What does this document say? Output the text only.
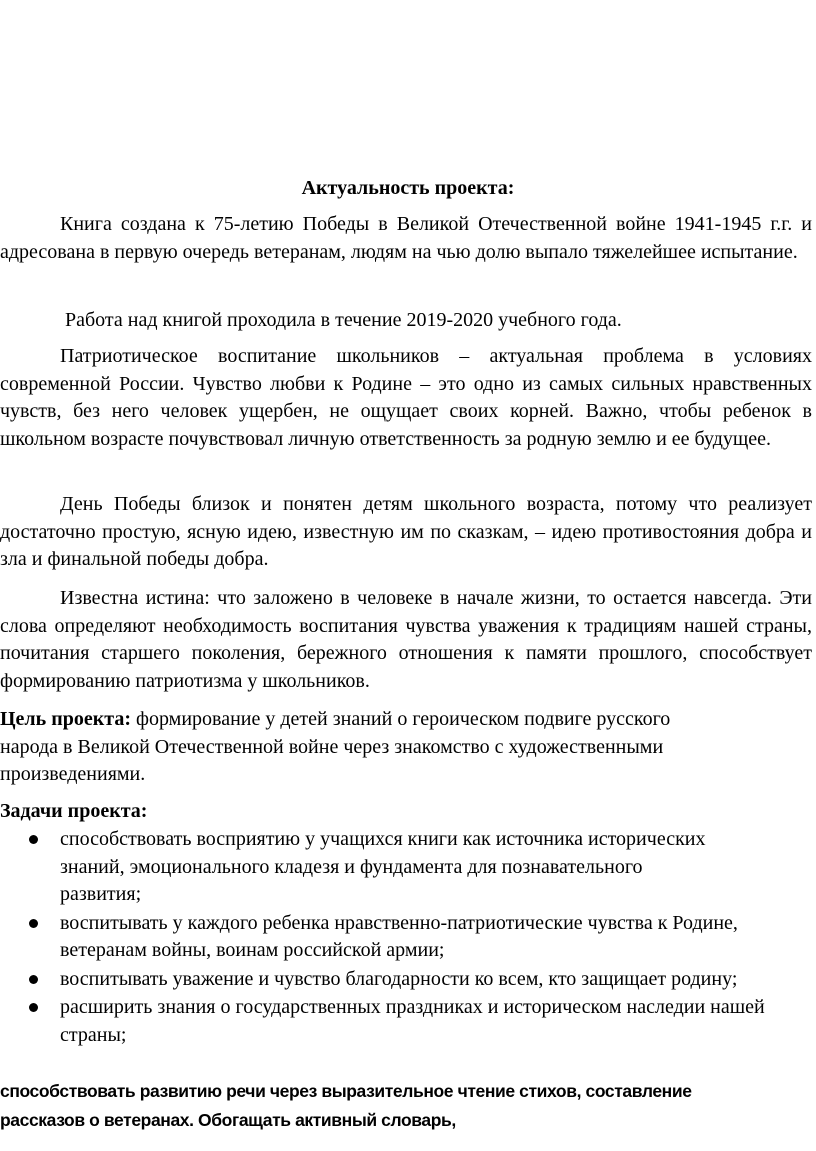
Актуальность проекта:

Книга создана к 75-летию Победы в Великой Отечественной войне 1941-1945 г.г. и адресована в первую очередь ветеранам, людям на чью долю выпало тяжелейшее испытание.

Работа над книгой проходила в течение 2019-2020 учебного года.

Патриотическое воспитание школьников – актуальная проблема в условиях современной России. Чувство любви к Родине – это одно из самых сильных нравственных чувств, без него человек ущербен, не ощущает своих корней. Важно, чтобы ребенок в школьном возрасте почувствовал личную ответственность за родную землю и ее будущее.

День Победы близок и понятен детям школьного возраста, потому что реализует достаточно простую, ясную идею, известную им по сказкам, – идею противостояния добра и зла и финальной победы добра.

Известна истина: что заложено в человеке в начале жизни, то остается навсегда. Эти слова определяют необходимость воспитания чувства уважения к традициям нашей страны, почитания старшего поколения, бережного отношения к памяти прошлого, способствует формированию патриотизма у школьников.

Цель проекта: формирование у детей знаний о героическом подвиге русского народа в Великой Отечественной войне через знакомство с художественными произведениями.

Задачи проекта:
способствовать восприятию у учащихся книги как источника исторических знаний, эмоционального кладезя и фундамента для познавательного развития;
воспитывать у каждого ребенка нравственно-патриотические чувства к Родине, ветеранам войны, воинам российской армии;
воспитывать уважение и чувство благодарности ко всем, кто защищает родину;
расширить знания о государственных праздниках и историческом наследии нашей страны;
способствовать развитию речи через выразительное чтение стихов, составление
рассказов о ветеранах. Обогащать активный словарь,
